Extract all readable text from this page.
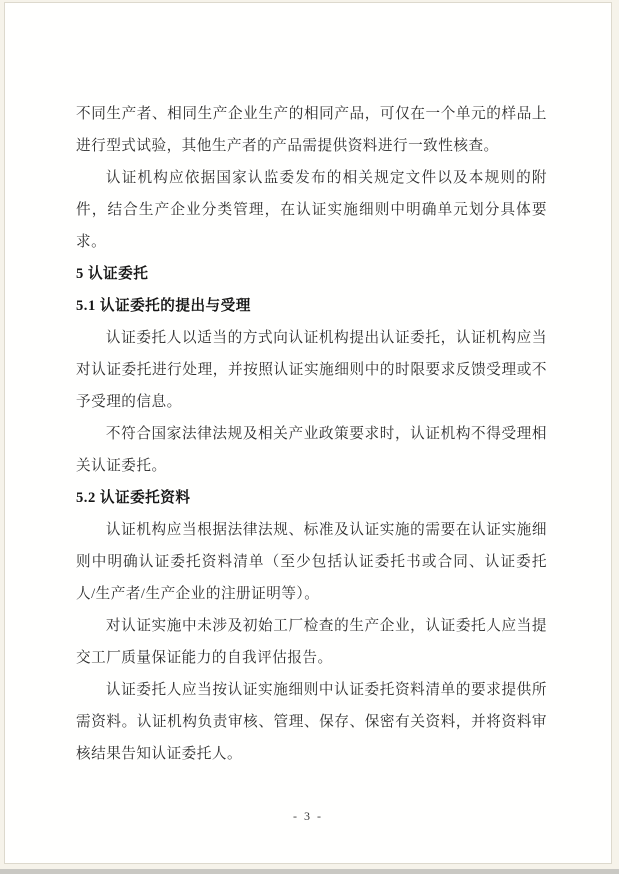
不同生产者、相同生产企业生产的相同产品，可仅在一个单元的样品上进行型式试验，其他生产者的产品需提供资料进行一致性核查。

认证机构应依据国家认监委发布的相关规定文件以及本规则的附件，结合生产企业分类管理，在认证实施细则中明确单元划分具体要求。

5 认证委托

5.1 认证委托的提出与受理

认证委托人以适当的方式向认证机构提出认证委托，认证机构应当对认证委托进行处理，并按照认证实施细则中的时限要求反馈受理或不予受理的信息。

不符合国家法律法规及相关产业政策要求时，认证机构不得受理相关认证委托。

5.2 认证委托资料

认证机构应当根据法律法规、标准及认证实施的需要在认证实施细则中明确认证委托资料清单（至少包括认证委托书或合同、认证委托人/生产者/生产企业的注册证明等）。

对认证实施中未涉及初始工厂检查的生产企业，认证委托人应当提交工厂质量保证能力的自我评估报告。

认证委托人应当按认证实施细则中认证委托资料清单的要求提供所需资料。认证机构负责审核、管理、保存、保密有关资料，并将资料审核结果告知认证委托人。

- 3 -
